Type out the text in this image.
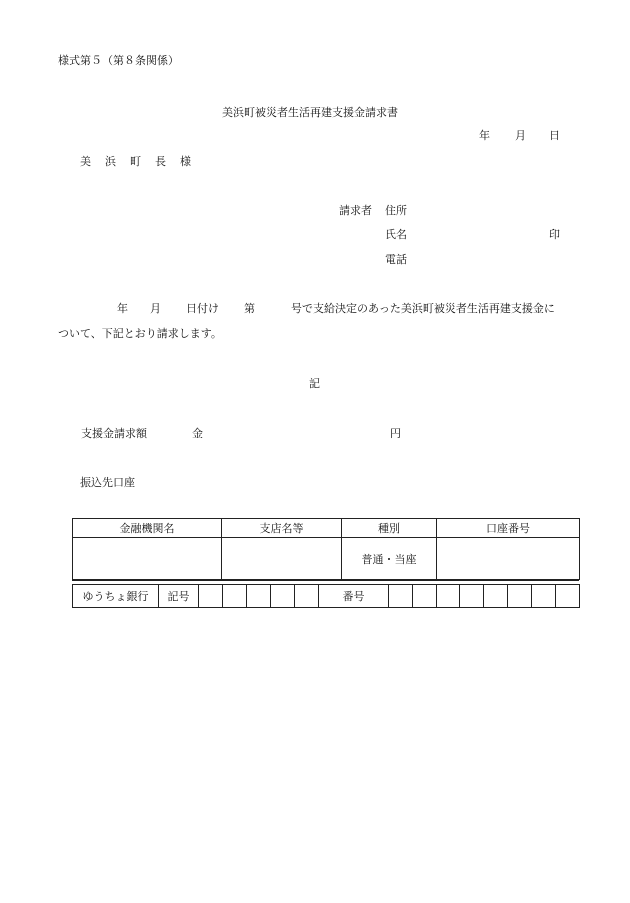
様式第５（第８条関係）
美浜町被災者生活再建支援金請求書
年 月 日
美浜町長様
請求者 住所
氏名	印
電話
年 月 日付け 第	号で支給決定のあった美浜町被災者生活再建支援金に
ついて、下記とおり請求します。
記
支援金請求額	金	円
振込先口座
金融機関名	支店名等	種別	口座番号
		普通・当座	
ゆうちょ銀行	記号						番号								
